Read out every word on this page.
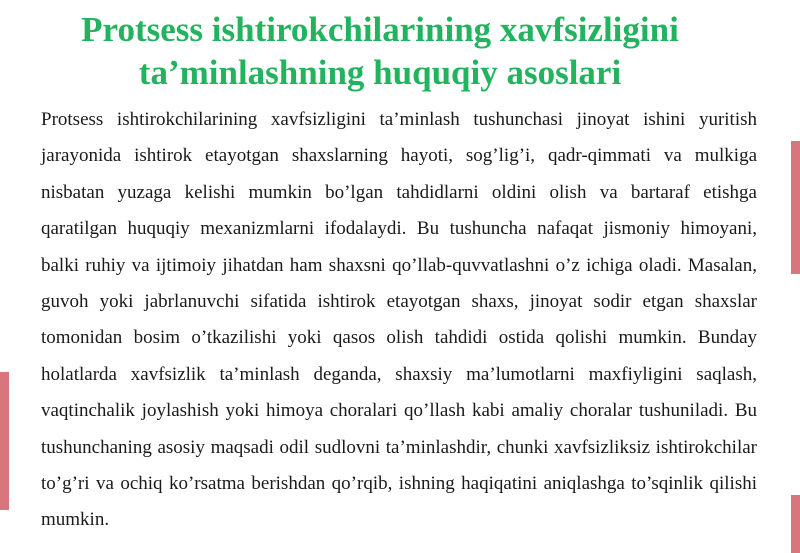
Protsess ishtirokchilarining xavfsizligini
ta’minlashning huquqiy asoslari

Protsess ishtirokchilarining xavfsizligini ta’minlash tushunchasi jinoyat ishini yuritish jarayonida ishtirok etayotgan shaxslarning hayoti, sog’lig’i, qadr-qimmati va mulkiga nisbatan yuzaga kelishi mumkin bo’lgan tahdidlarni oldini olish va bartaraf etishga qaratilgan huquqiy mexanizmlarni ifodalaydi. Bu tushuncha nafaqat jismoniy himoyani, balki ruhiy va ijtimoiy jihatdan ham shaxsni qo’llab-quvvatlashni o’z ichiga oladi. Masalan, guvoh yoki jabrlanuvchi sifatida ishtirok etayotgan shaxs, jinoyat sodir etgan shaxslar tomonidan bosim o’tkazilishi yoki qasos olish tahdidi ostida qolishi mumkin. Bunday holatlarda xavfsizlik ta’minlash deganda, shaxsiy ma’lumotlarni maxfiyligini saqlash, vaqtinchalik joylashish yoki himoya choralari qo’llash kabi amaliy choralar tushuniladi. Bu tushunchaning asosiy maqsadi odil sudlovni ta’minlashdir, chunki xavfsizliksiz ishtirokchilar to’g’ri va ochiq ko’rsatma berishdan qo’rqib, ishning haqiqatini aniqlashga to’sqinlik qilishi mumkin.
